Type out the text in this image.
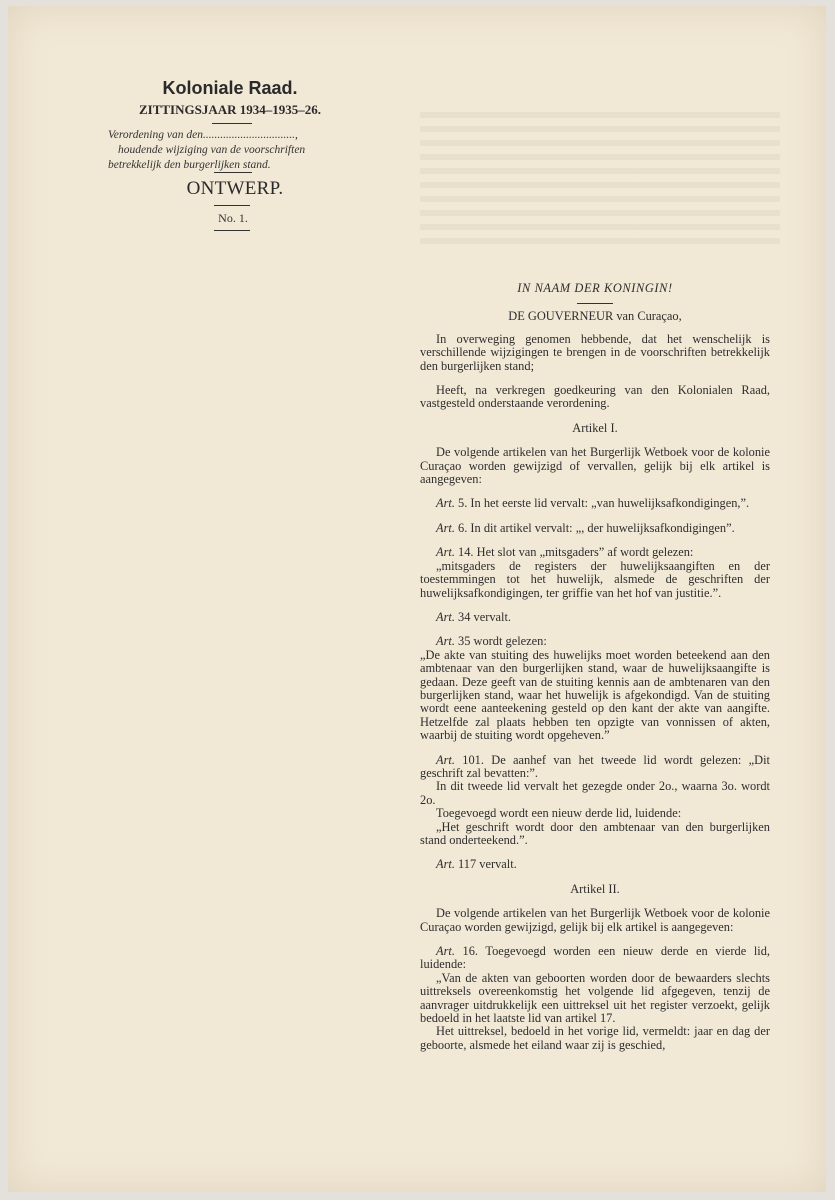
Koloniale Raad.
ZITTINGSJAAR 1934–1935–26.
Verordening van den................................,
houdende wijziging van de voorschriften
betrekkelijk den burgerlijken stand.
ONTWERP.
No. 1.

IN NAAM DER KONINGIN!

DE GOUVERNEUR van Curaçao,

In overweging genomen hebbende, dat het wenschelijk is verschillende wijzigingen te brengen in de voorschriften betrekkelijk den burgerlijken stand;

Heeft, na verkregen goedkeuring van den Kolonialen Raad, vastgesteld onderstaande verordening.

Artikel I.

De volgende artikelen van het Burgerlijk Wetboek voor de kolonie Curaçao worden gewijzigd of vervallen, gelijk bij elk artikel is aangegeven:

Art. 5. In het eerste lid vervalt: „van huwelijksafkondigingen,”.

Art. 6. In dit artikel vervalt: „, der huwelijksafkondigingen”.

Art. 14. Het slot van „mitsgaders” af wordt gelezen:

„mitsgaders de registers der huwelijksaangiften en der toestemmingen tot het huwelijk, alsmede de geschriften der huwelijksafkondigingen, ter griffie van het hof van justitie.”.

Art. 34 vervalt.

Art. 35 wordt gelezen:

„De akte van stuiting des huwelijks moet worden beteekend aan den ambtenaar van den burgerlijken stand, waar de huwelijksaangifte is gedaan. Deze geeft van de stuiting kennis aan de ambtenaren van den burgerlijken stand, waar het huwelijk is afgekondigd. Van de stuiting wordt eene aanteekening gesteld op den kant der akte van aangifte. Hetzelfde zal plaats hebben ten opzigte van vonnissen of akten, waarbij de stuiting wordt opgeheven.”

Art. 101. De aanhef van het tweede lid wordt gelezen: „Dit geschrift zal bevatten:”.

In dit tweede lid vervalt het gezegde onder 2o., waarna 3o. wordt 2o.

Toegevoegd wordt een nieuw derde lid, luidende:

„Het geschrift wordt door den ambtenaar van den burgerlijken stand onderteekend.”.

Art. 117 vervalt.

Artikel II.

De volgende artikelen van het Burgerlijk Wetboek voor de kolonie Curaçao worden gewijzigd, gelijk bij elk artikel is aangegeven:

Art. 16. Toegevoegd worden een nieuw derde en vierde lid, luidende:

„Van de akten van geboorten worden door de bewaarders slechts uittreksels overeenkomstig het volgende lid afgegeven, tenzij de aanvrager uitdrukkelijk een uittreksel uit het register verzoekt, gelijk bedoeld in het laatste lid van artikel 17.

Het uittreksel, bedoeld in het vorige lid, vermeldt: jaar en dag der geboorte, alsmede het eiland waar zij is geschied,
